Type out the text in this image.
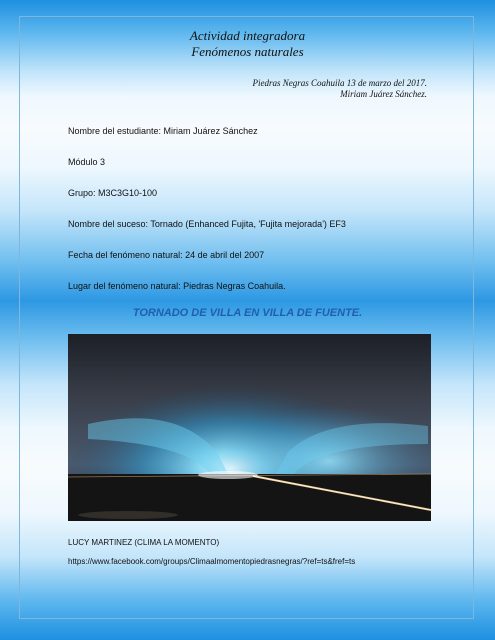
Actividad integradora
Fenómenos naturales
Piedras Negras Coahuila 13 de marzo del 2017.
Miriam Juárez Sánchez.
Nombre del estudiante: Miriam Juárez Sánchez
Módulo 3
Grupo: M3C3G10-100
Nombre del suceso: Tornado (Enhanced Fujita, 'Fujita mejorada') EF3
Fecha del fenómeno natural: 24 de abril del 2007
Lugar del fenómeno natural: Piedras Negras Coahuila.
TORNADO DE VILLA EN VILLA DE FUENTE.
LUCY MARTINEZ (CLIMA LA MOMENTO)
https://www.facebook.com/groups/Climaalmomentopiedrasnegras/?ref=ts&fref=ts
